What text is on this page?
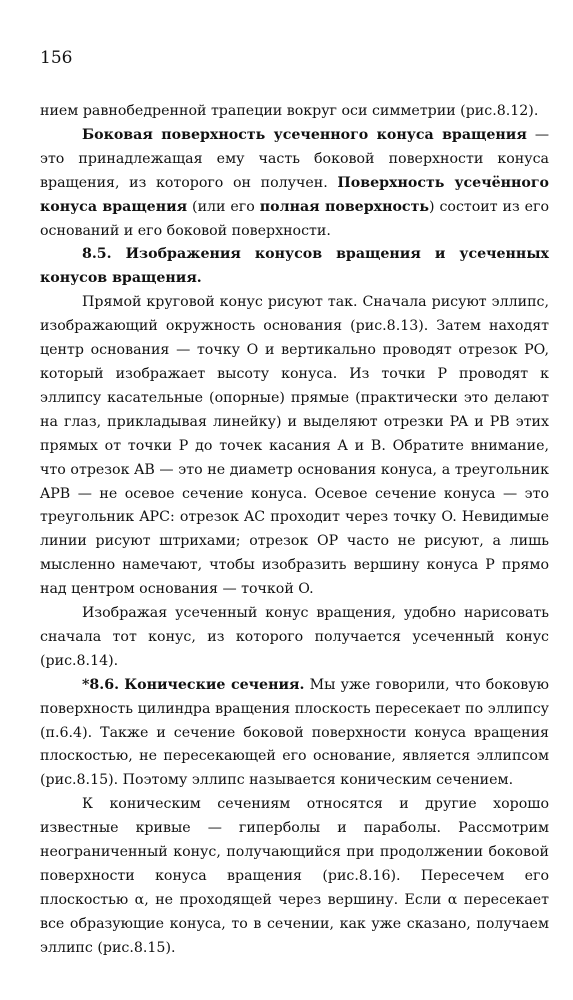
156

нием равнобедренной трапеции вокруг оси симметрии (рис.8.12).

Боковая поверхность усеченного конуса вращения — это принадлежащая ему часть боковой поверхности конуса вращения, из которого он получен. Поверхность усечённого конуса вращения (или его полная поверхность) состоит из его оснований и его боковой поверхности.

8.5. Изображения конусов вращения и усеченных конусов вращения.

Прямой круговой конус рисуют так. Сначала рисуют эллипс, изображающий окружность основания (рис.8.13). Затем находят центр основания — точку O и вертикально проводят отрезок PO, который изображает высоту конуса. Из точки P проводят к эллипсу касательные (опорные) прямые (практически это делают на глаз, прикладывая линейку) и выделяют отрезки PA и PB этих прямых от точки P до точек касания A и B. Обратите внимание, что отрезок AB — это не диаметр основания конуса, а треугольник APB — не осевое сечение конуса. Осевое сечение конуса — это треугольник APC: отрезок AC проходит через точку O. Невидимые линии рисуют штрихами; отрезок OP часто не рисуют, а лишь мысленно намечают, чтобы изобразить вершину конуса P прямо над центром основания — точкой O.

Изображая усеченный конус вращения, удобно нарисовать сначала тот конус, из которого получается усеченный конус (рис.8.14).

*8.6. Конические сечения. Мы уже говорили, что боковую поверхность цилиндра вращения плоскость пересекает по эллипсу (п.6.4). Также и сечение боковой поверхности конуса вращения плоскостью, не пересекающей его основание, является эллипсом (рис.8.15). Поэтому эллипс называется коническим сечением.

К коническим сечениям относятся и другие хорошо известные кривые — гиперболы и параболы. Рассмотрим неограниченный конус, получающийся при продолжении боковой поверхности конуса вращения (рис.8.16). Пересечем его плоскостью α, не проходящей через вершину. Если α пересекает все образующие конуса, то в сечении, как уже сказано, получаем эллипс (рис.8.15).
